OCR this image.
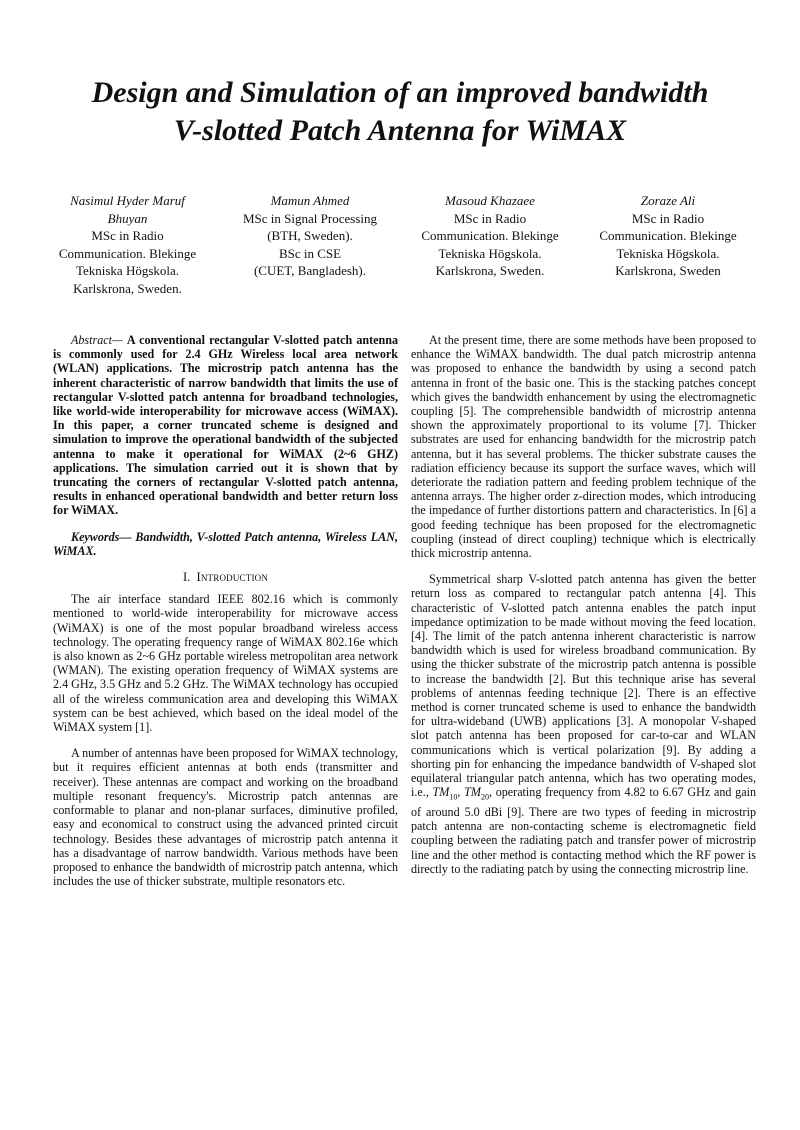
Design and Simulation of an improved bandwidth
V-slotted Patch Antenna for WiMAX
Nasimul Hyder Maruf Bhuyan
MSc in Radio Communication. Blekinge Tekniska Högskola. Karlskrona, Sweden.
Mamun Ahmed
MSc in Signal Processing
(BTH, Sweden).
BSc in CSE
(CUET, Bangladesh).
Masoud Khazaee
MSc in Radio Communication. Blekinge Tekniska Högskola. Karlskrona, Sweden.
Zoraze Ali
MSc in Radio Communication. Blekinge Tekniska Högskola. Karlskrona, Sweden

Abstract— A conventional rectangular V-slotted patch antenna is commonly used for 2.4 GHz Wireless local area network (WLAN) applications. The microstrip patch antenna has the inherent characteristic of narrow bandwidth that limits the use of rectangular V-slotted patch antenna for broadband technologies, like world-wide interoperability for microwave access (WiMAX). In this paper, a corner truncated scheme is designed and simulation to improve the operational bandwidth of the subjected antenna to make it operational for WiMAX (2~6 GHZ) applications. The simulation carried out it is shown that by truncating the corners of rectangular V-slotted patch antenna, results in enhanced operational bandwidth and better return loss for WiMAX.

Keywords— Bandwidth, V-slotted Patch antenna, Wireless LAN, WiMAX.

I. Introduction

The air interface standard IEEE 802.16 which is commonly mentioned to world-wide interoperability for microwave access (WiMAX) is one of the most popular broadband wireless access technology. The operating frequency range of WiMAX 802.16e which is also known as 2~6 GHz portable wireless metropolitan area network (WMAN). The existing operation frequency of WiMAX systems are 2.4 GHz, 3.5 GHz and 5.2 GHz. The WiMAX technology has occupied all of the wireless communication area and developing this WiMAX system can be best achieved, which based on the ideal model of the WiMAX system [1].

A number of antennas have been proposed for WiMAX technology, but it requires efficient antennas at both ends (transmitter and receiver). These antennas are compact and working on the broadband multiple resonant frequency's. Microstrip patch antennas are conformable to planar and non-planar surfaces, diminutive profiled, easy and economical to construct using the advanced printed circuit technology. Besides these advantages of microstrip patch antenna it has a disadvantage of narrow bandwidth. Various methods have been proposed to enhance the bandwidth of microstrip patch antenna, which includes the use of thicker substrate, multiple resonators etc.

At the present time, there are some methods have been proposed to enhance the WiMAX bandwidth. The dual patch microstrip antenna was proposed to enhance the bandwidth by using a second patch antenna in front of the basic one. This is the stacking patches concept which gives the bandwidth enhancement by using the electromagnetic coupling [5]. The comprehensible bandwidth of microstrip antenna shown the approximately proportional to its volume [7]. Thicker substrates are used for enhancing bandwidth for the microstrip patch antenna, but it has several problems. The thicker substrate causes the radiation efficiency because its support the surface waves, which will deteriorate the radiation pattern and feeding problem technique of the antenna arrays. The higher order z-direction modes, which introducing the impedance of further distortions pattern and characteristics. In [6] a good feeding technique has been proposed for the electromagnetic coupling (instead of direct coupling) technique which is electrically thick microstrip antenna.

Symmetrical sharp V-slotted patch antenna has given the better return loss as compared to rectangular patch antenna [4]. This characteristic of V-slotted patch antenna enables the patch input impedance optimization to be made without moving the feed location. [4]. The limit of the patch antenna inherent characteristic is narrow bandwidth which is used for wireless broadband communication. By using the thicker substrate of the microstrip patch antenna is possible to increase the bandwidth [2]. But this technique arise has several problems of antennas feeding technique [2]. There is an effective method is corner truncated scheme is used to enhance the bandwidth for ultra-wideband (UWB) applications [3]. A monopolar V-shaped slot patch antenna has been proposed for car-to-car and WLAN communications which is vertical polarization [9]. By adding a shorting pin for enhancing the impedance bandwidth of V-shaped slot equilateral triangular patch antenna, which has two operating modes, i.e., $TM_{10}$, $TM_{20}$, operating frequency from 4.82 to 6.67 GHz and gain of around 5.0 dBi [9]. There are two types of feeding in microstrip patch antenna are non-contacting scheme is electromagnetic field coupling between the radiating patch and transfer power of microstrip line and the other method is contacting method which the RF power is directly to the radiating patch by using the connecting microstrip line.
